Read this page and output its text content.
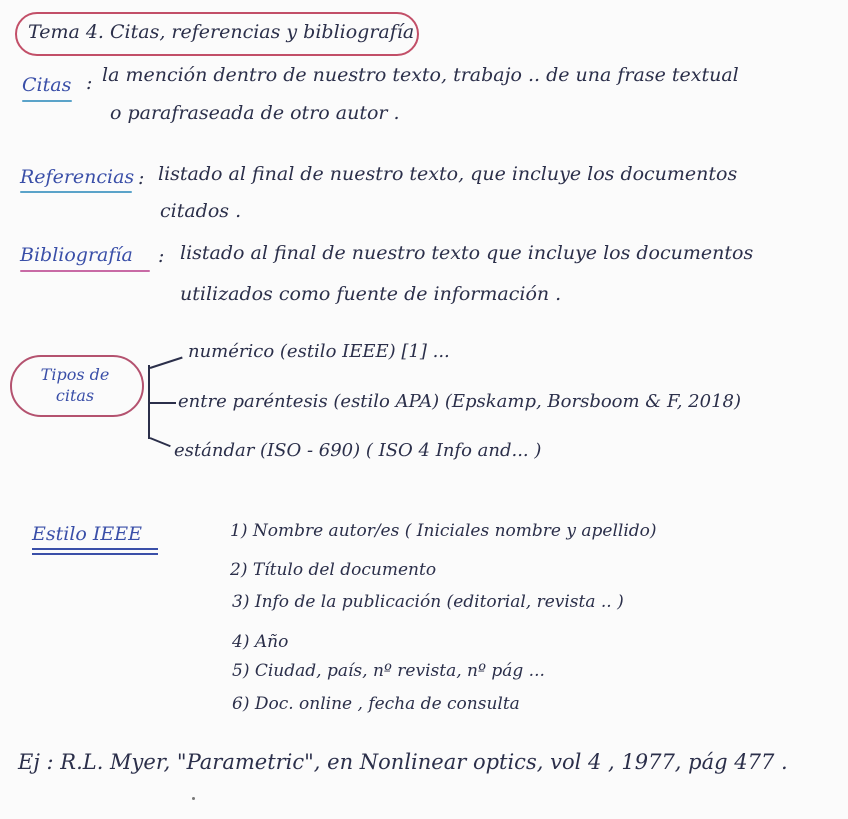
Tema 4. Citas, referencias y bibliografía
Citas : la mención dentro de nuestro texto, trabajo .. de una frase textual
o parafraseada de otro autor .
Referencias : listado al final de nuestro texto, que incluye los documentos
citados .
Bibliografía : listado al final de nuestro texto que incluye los documentos
utilizados como fuente de información .
Tipos de
citas
numérico (estilo IEEE) [1] ...
entre paréntesis (estilo APA) (Epskamp, Borsboom & F, 2018)
estándar (ISO - 690) ( ISO 4 Info and... )
Estilo IEEE	1) Nombre autor/es ( Iniciales nombre y apellido)
2) Título del documento
3) Info de la publicación (editorial, revista .. )
4) Año
5) Ciudad, país, nº revista, nº pág ...
6) Doc. online , fecha de consulta
Ej : R.L. Myer, "Parametric", en Nonlinear optics, vol 4 , 1977, pág 477 .
